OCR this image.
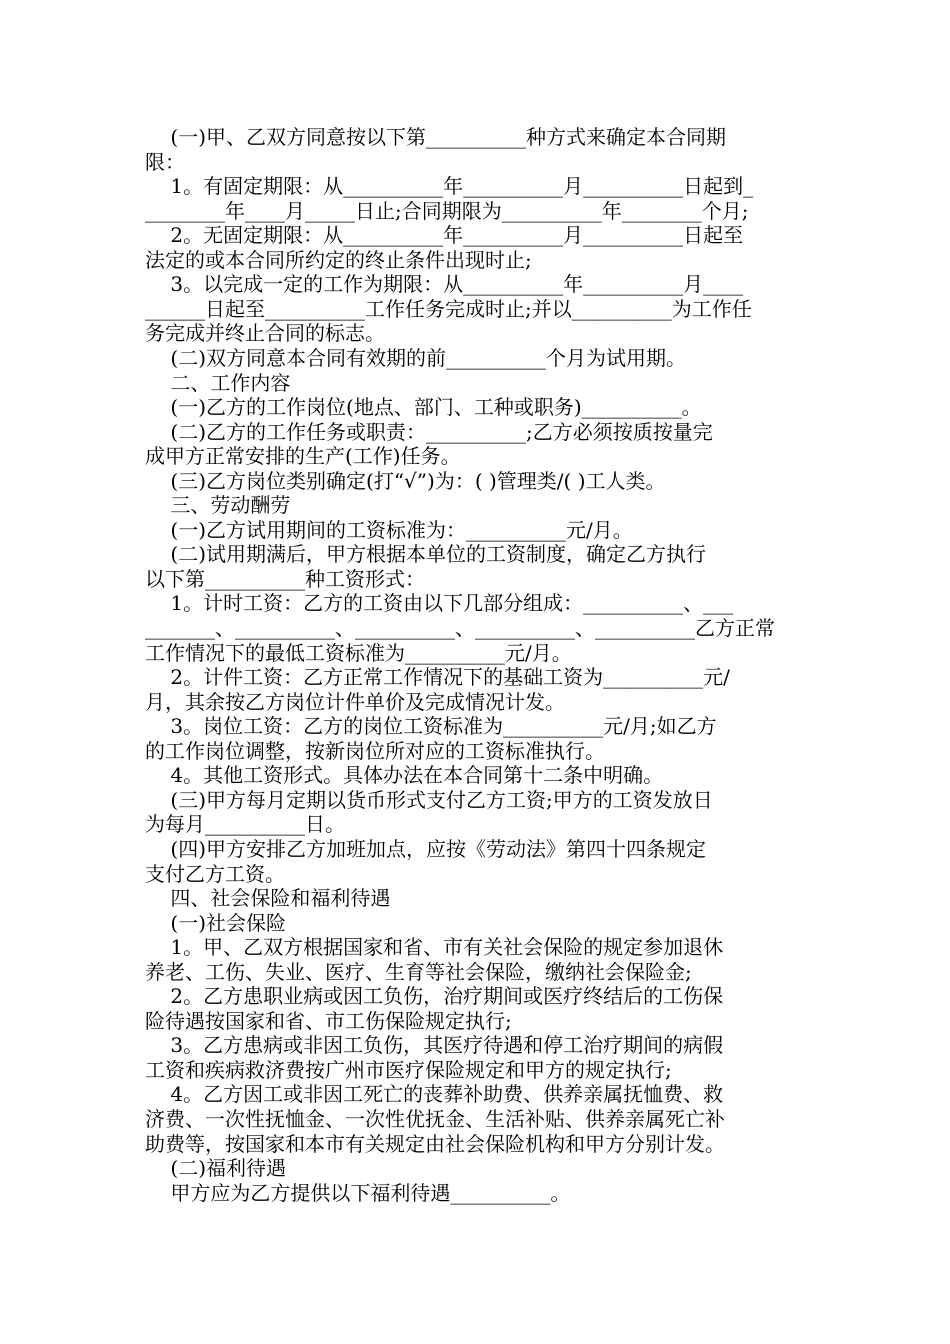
(一)甲、乙双方同意按以下第__________种方式来确定本合同期

限：

1。有固定期限：从__________年__________月__________日起到_

________年____月_____日止;合同期限为__________年________个月;

2。无固定期限：从__________年__________月__________日起至

法定的或本合同所约定的终止条件出现时止;

3。以完成一定的工作为期限：从__________年__________月____

______日起至__________工作任务完成时止;并以__________为工作任

务完成并终止合同的标志。

(二)双方同意本合同有效期的前__________个月为试用期。

二、工作内容

(一)乙方的工作岗位(地点、部门、工种或职务)__________。

(二)乙方的工作任务或职责：__________;乙方必须按质按量完

成甲方正常安排的生产(工作)任务。

(三)乙方岗位类别确定(打“√”)为：( )管理类/( )工人类。

三、劳动酬劳

(一)乙方试用期间的工资标准为：__________元/月。

(二)试用期满后，甲方根据本单位的工资制度，确定乙方执行

以下第__________种工资形式：

1。计时工资：乙方的工资由以下几部分组成：__________、___

_______、__________、__________、__________、__________乙方正常

工作情况下的最低工资标准为__________元/月。

2。计件工资：乙方正常工作情况下的基础工资为__________元/

月，其余按乙方岗位计件单价及完成情况计发。

3。岗位工资：乙方的岗位工资标准为__________元/月;如乙方

的工作岗位调整，按新岗位所对应的工资标准执行。

4。其他工资形式。具体办法在本合同第十二条中明确。

(三)甲方每月定期以货币形式支付乙方工资;甲方的工资发放日

为每月__________日。

(四)甲方安排乙方加班加点，应按《劳动法》第四十四条规定

支付乙方工资。

四、社会保险和福利待遇

(一)社会保险

1。甲、乙双方根据国家和省、市有关社会保险的规定参加退休

养老、工伤、失业、医疗、生育等社会保险，缴纳社会保险金;

2。乙方患职业病或因工负伤，治疗期间或医疗终结后的工伤保

险待遇按国家和省、市工伤保险规定执行;

3。乙方患病或非因工负伤，其医疗待遇和停工治疗期间的病假

工资和疾病救济费按广州市医疗保险规定和甲方的规定执行;

4。乙方因工或非因工死亡的丧葬补助费、供养亲属抚恤费、救

济费、一次性抚恤金、一次性优抚金、生活补贴、供养亲属死亡补

助费等，按国家和本市有关规定由社会保险机构和甲方分别计发。

(二)福利待遇

甲方应为乙方提供以下福利待遇__________。
